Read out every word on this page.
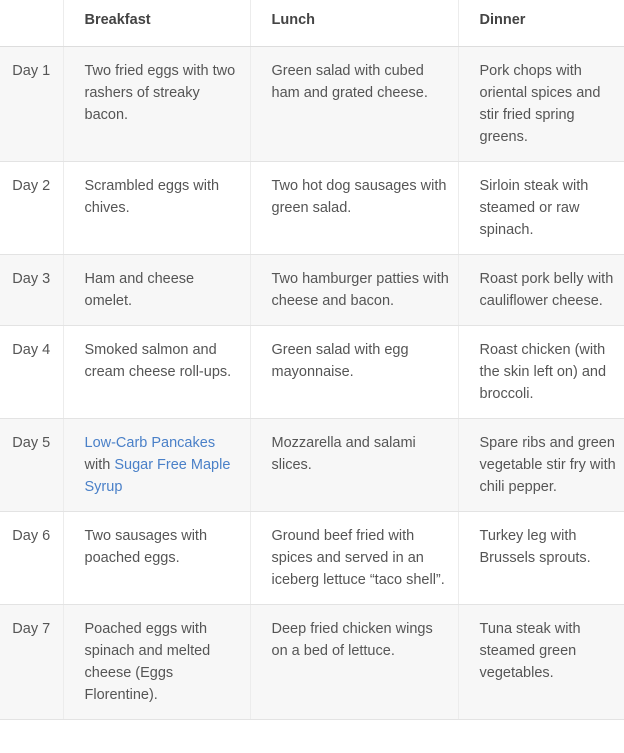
	Breakfast	Lunch	Dinner
Day 1	Two fried eggs with two rashers of streaky bacon.	Green salad with cubed ham and grated cheese.	Pork chops with oriental spices and stir fried spring greens.
Day 2	Scrambled eggs with chives.	Two hot dog sausages with green salad.	Sirloin steak with steamed or raw spinach.
Day 3	Ham and cheese omelet.	Two hamburger patties with cheese and bacon.	Roast pork belly with cauliflower cheese.
Day 4	Smoked salmon and cream cheese roll-ups.	Green salad with egg mayonnaise.	Roast chicken (with the skin left on) and broccoli.
Day 5	Low-Carb Pancakes with Sugar Free Maple Syrup	Mozzarella and salami slices.	Spare ribs and green vegetable stir fry with chili pepper.
Day 6	Two sausages with poached eggs.	Ground beef fried with spices and served in an iceberg lettuce “taco shell”.	Turkey leg with Brussels sprouts.
Day 7	Poached eggs with spinach and melted cheese (Eggs Florentine).	Deep fried chicken wings on a bed of lettuce.	Tuna steak with steamed green vegetables.
